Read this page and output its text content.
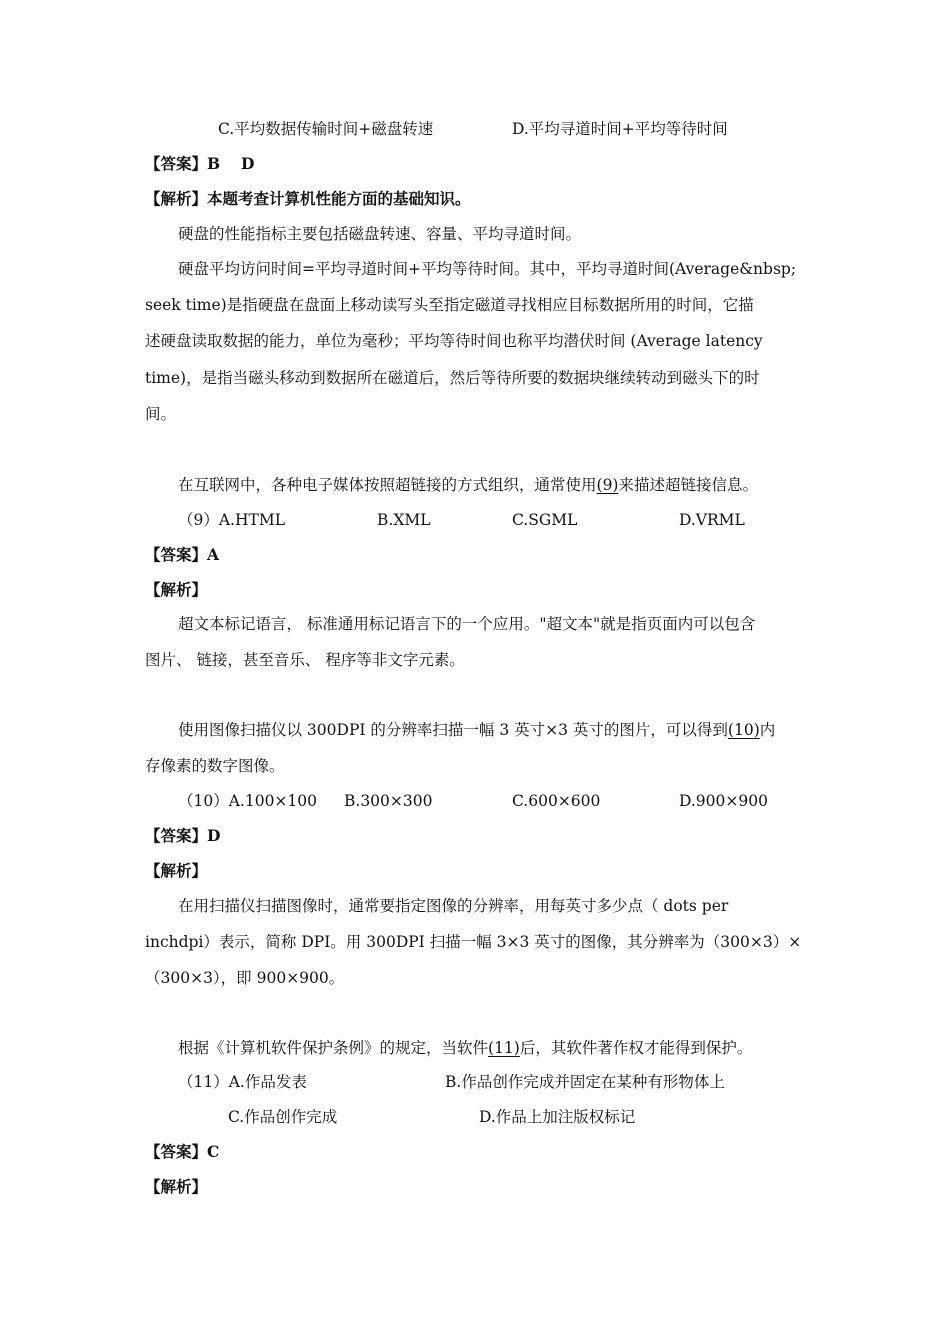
C.平均数据传输时间+磁盘转速	D.平均寻道时间+平均等待时间
【答案】B　 D
【解析】本题考查计算机性能方面的基础知识。
硬盘的性能指标主要包括磁盘转速、容量、平均寻道时间。
硬盘平均访问时间=平均寻道时间+平均等待时间。其中，平均寻道时间(Average&nbsp;
seek time)是指硬盘在盘面上移动读写头至指定磁道寻找相应目标数据所用的时间，它描
述硬盘读取数据的能力，单位为毫秒；平均等待时间也称平均潜伏时间 (Average latency
time)，是指当磁头移动到数据所在磁道后，然后等待所要的数据块继续转动到磁头下的时
间。
在互联网中，各种电子媒体按照超链接的方式组织，通常使用(9)来描述超链接信息。
（9）A.HTML	B.XML	C.SGML	D.VRML
【答案】A
【解析】
超文本标记语言， 标准通用标记语言下的一个应用。"超文本"就是指页面内可以包含
图片、 链接，甚至音乐、 程序等非文字元素。
使用图像扫描仪以 300DPI 的分辨率扫描一幅 3 英寸×3 英寸的图片，可以得到(10)内
存像素的数字图像。
（10）A.100×100 B.300×300	C.600×600	D.900×900
【答案】D
【解析】
在用扫描仪扫描图像时，通常要指定图像的分辨率，用每英寸多少点（ dots per
inchdpi）表示，简称 DPI。用 300DPI 扫描一幅 3×3 英寸的图像，其分辨率为（300×3）×
（300×3），即 900×900。
根据《计算机软件保护条例》的规定，当软件(11)后，其软件著作权才能得到保护。
（11）A.作品发表	B.作品创作完成并固定在某种有形物体上
C.作品创作完成	D.作品上加注版权标记
【答案】C
【解析】
